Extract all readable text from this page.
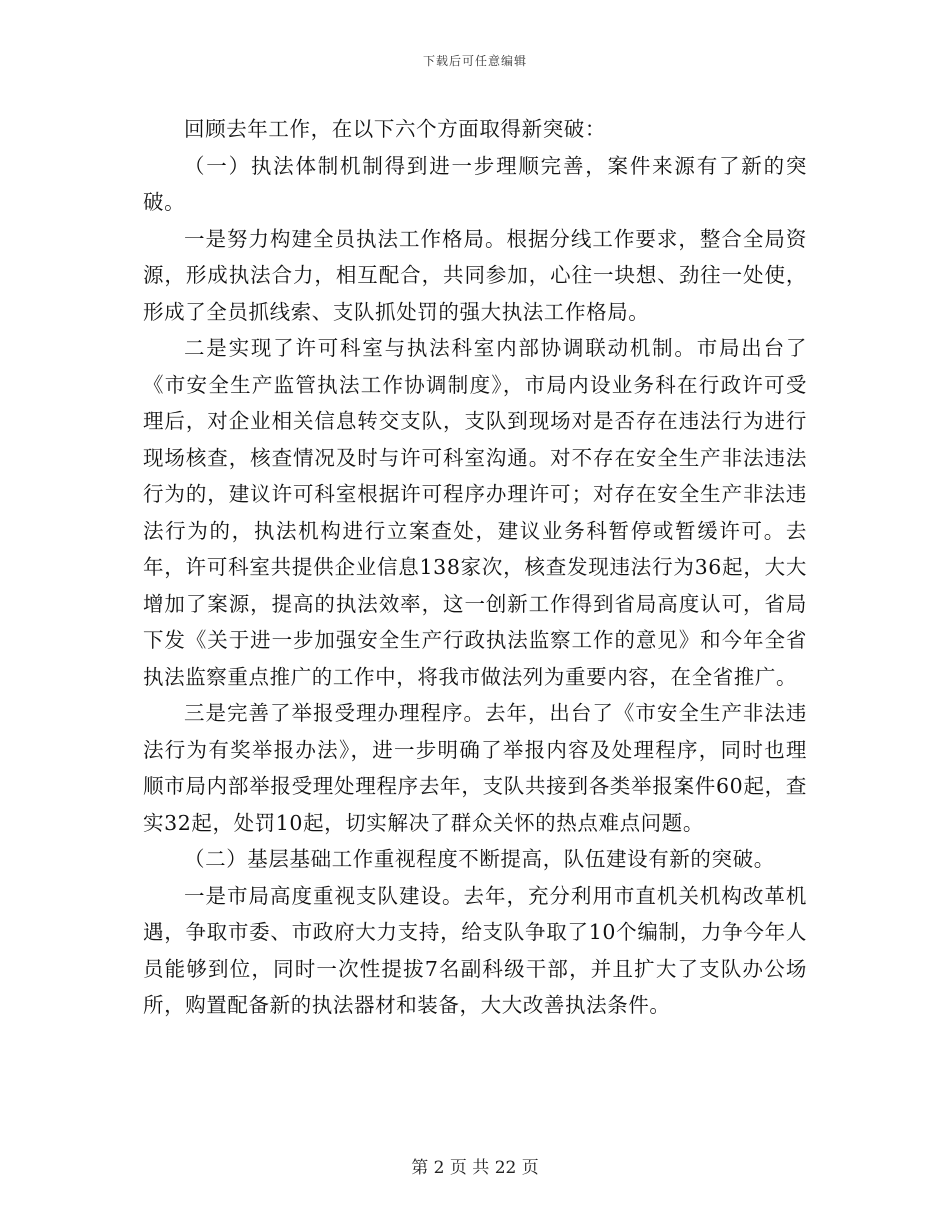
下载后可任意编辑

回顾去年工作，在以下六个方面取得新突破：

（一）执法体制机制得到进一步理顺完善，案件来源有了新的突破。

一是努力构建全员执法工作格局。根据分线工作要求，整合全局资源，形成执法合力，相互配合，共同参加，心往一块想、劲往一处使，形成了全员抓线索、支队抓处罚的强大执法工作格局。

二是实现了许可科室与执法科室内部协调联动机制。市局出台了《市安全生产监管执法工作协调制度》，市局内设业务科在行政许可受理后，对企业相关信息转交支队，支队到现场对是否存在违法行为进行现场核查，核查情况及时与许可科室沟通。对不存在安全生产非法违法行为的，建议许可科室根据许可程序办理许可；对存在安全生产非法违法行为的，执法机构进行立案查处，建议业务科暂停或暂缓许可。去年，许可科室共提供企业信息138家次，核查发现违法行为36起，大大增加了案源，提高的执法效率，这一创新工作得到省局高度认可，省局下发《关于进一步加强安全生产行政执法监察工作的意见》和今年全省执法监察重点推广的工作中，将我市做法列为重要内容，在全省推广。

三是完善了举报受理办理程序。去年，出台了《市安全生产非法违法行为有奖举报办法》，进一步明确了举报内容及处理程序，同时也理顺市局内部举报受理处理程序去年，支队共接到各类举报案件60起，查实32起，处罚10起，切实解决了群众关怀的热点难点问题。

（二）基层基础工作重视程度不断提高，队伍建设有新的突破。

一是市局高度重视支队建设。去年，充分利用市直机关机构改革机遇，争取市委、市政府大力支持，给支队争取了10个编制，力争今年人员能够到位，同时一次性提拔7名副科级干部，并且扩大了支队办公场所，购置配备新的执法器材和装备，大大改善执法条件。

第 2 页 共 22 页
